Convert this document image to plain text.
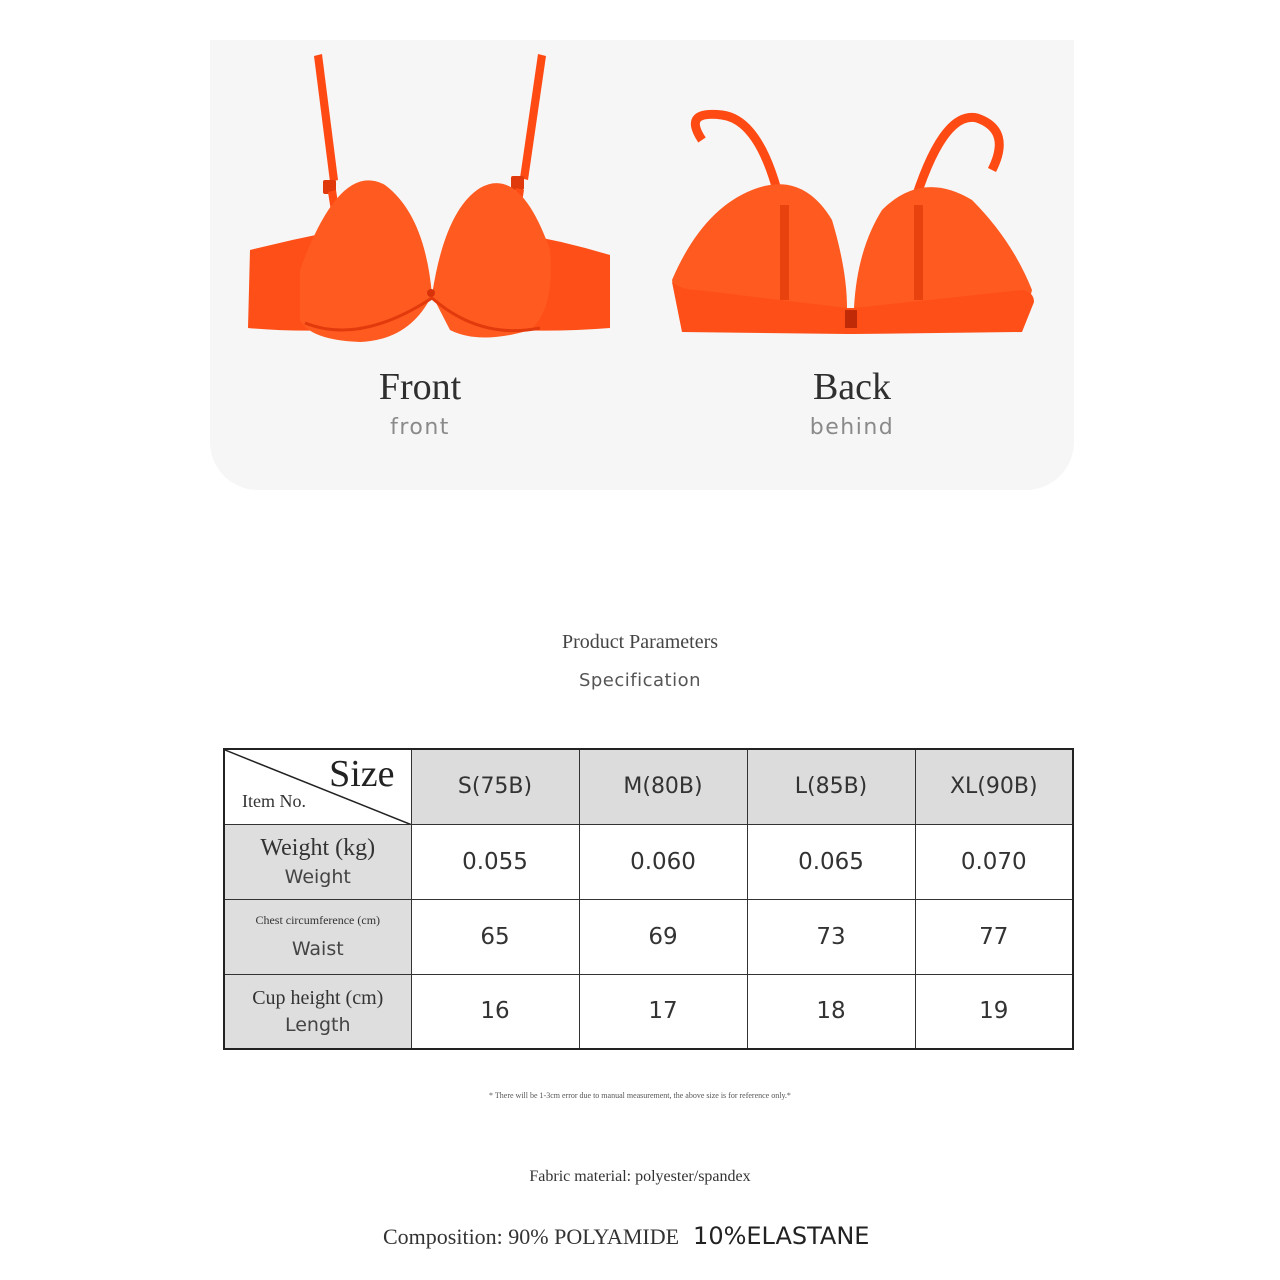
Front
front
Back
behind
Product Parameters
Specification
Size
Item No.	S(75B)	M(80B)	L(85B)	XL(90B)

Weight (kg)
Weight	0.055	0.060	0.065	0.070

Chest circumference (cm)
Waist	65	69	73	77

Cup height (cm)
Length	16	17	18	19
* There will be 1-3cm error due to manual measurement, the above size is for reference only.*
Fabric material: polyester/spandex
Composition: 90% POLYAMIDE 10%ELASTANE
